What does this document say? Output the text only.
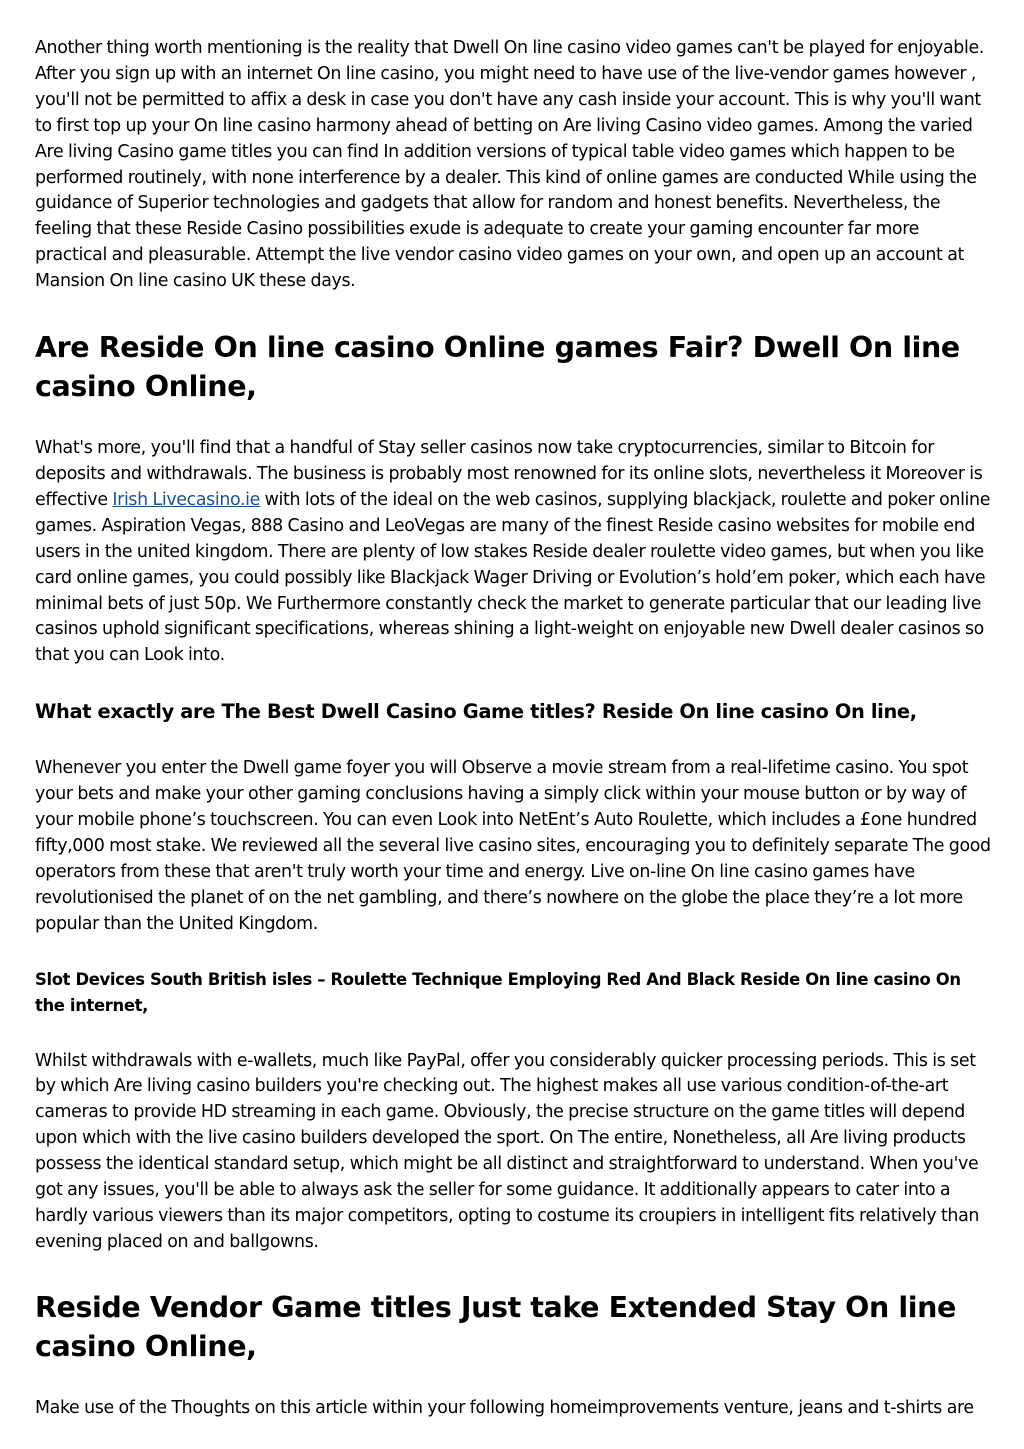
Another thing worth mentioning is the reality that Dwell On line casino video games can't be played for enjoyable. After you sign up with an internet On line casino, you might need to have use of the live-vendor games however , you'll not be permitted to affix a desk in case you don't have any cash inside your account. This is why you'll want to first top up your On line casino harmony ahead of betting on Are living Casino video games. Among the varied Are living Casino game titles you can find In addition versions of typical table video games which happen to be performed routinely, with none interference by a dealer. This kind of online games are conducted While using the guidance of Superior technologies and gadgets that allow for random and honest benefits. Nevertheless, the feeling that these Reside Casino possibilities exude is adequate to create your gaming encounter far more practical and pleasurable. Attempt the live vendor casino video games on your own, and open up an account at Mansion On line casino UK these days.

Are Reside On line casino Online games Fair? Dwell On line casino Online,

What's more, you'll find that a handful of Stay seller casinos now take cryptocurrencies, similar to Bitcoin for deposits and withdrawals. The business is probably most renowned for its online slots, nevertheless it Moreover is effective Irish Livecasino.ie with lots of the ideal on the web casinos, supplying blackjack, roulette and poker online games. Aspiration Vegas, 888 Casino and LeoVegas are many of the finest Reside casino websites for mobile end users in the united kingdom. There are plenty of low stakes Reside dealer roulette video games, but when you like card online games, you could possibly like Blackjack Wager Driving or Evolution’s hold’em poker, which each have minimal bets of just 50p. We Furthermore constantly check the market to generate particular that our leading live casinos uphold significant specifications, whereas shining a light-weight on enjoyable new Dwell dealer casinos so that you can Look into.

What exactly are The Best Dwell Casino Game titles? Reside On line casino On line,

Whenever you enter the Dwell game foyer you will Observe a movie stream from a real-lifetime casino. You spot your bets and make your other gaming conclusions having a simply click within your mouse button or by way of your mobile phone’s touchscreen. You can even Look into NetEnt’s Auto Roulette, which includes a £one hundred fifty,000 most stake. We reviewed all the several live casino sites, encouraging you to definitely separate The good operators from these that aren't truly worth your time and energy. Live on-line On line casino games have revolutionised the planet of on the net gambling, and there’s nowhere on the globe the place they’re a lot more popular than the United Kingdom.

Slot Devices South British isles – Roulette Technique Employing Red And Black Reside On line casino On the internet,

Whilst withdrawals with e-wallets, much like PayPal, offer you considerably quicker processing periods. This is set by which Are living casino builders you're checking out. The highest makes all use various condition-of-the-art cameras to provide HD streaming in each game. Obviously, the precise structure on the game titles will depend upon which with the live casino builders developed the sport. On The entire, Nonetheless, all Are living products possess the identical standard setup, which might be all distinct and straightforward to understand. When you've got any issues, you'll be able to always ask the seller for some guidance. It additionally appears to cater into a hardly various viewers than its major competitors, opting to costume its croupiers in intelligent fits relatively than evening placed on and ballgowns.

Reside Vendor Game titles Just take Extended Stay On line casino Online,

Make use of the Thoughts on this article within your following homeimprovements venture, jeans and t-shirts are
